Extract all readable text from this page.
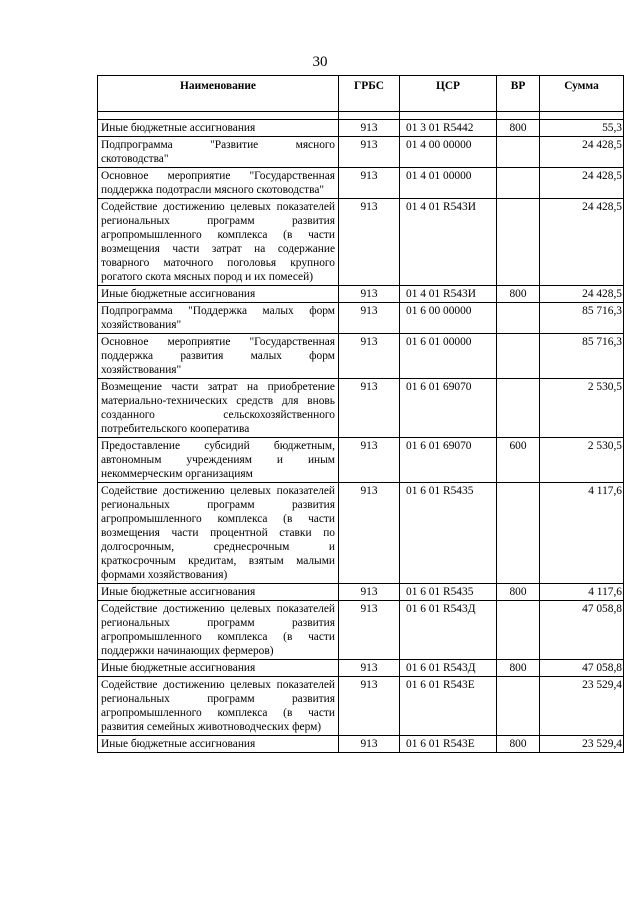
30
Наименование	ГРБС	ЦСР	ВР	Сумма

Иные бюджетные ассигнования	913	01 3 01 R5442	800	55,3
Подпрограмма "Развитие мясного скотоводства"	913	01 4 00 00000		24 428,5
Основное мероприятие "Государственная поддержка подотрасли мясного скотоводства"	913	01 4 01 00000		24 428,5
Содействие достижению целевых показателей региональных программ развития агропромышленного комплекса (в части возмещения части затрат на содержание товарного маточного поголовья крупного рогатого скота мясных пород и их помесей)	913	01 4 01 R543И		24 428,5
Иные бюджетные ассигнования	913	01 4 01 R543И	800	24 428,5
Подпрограмма "Поддержка малых форм хозяйствования"	913	01 6 00 00000		85 716,3
Основное мероприятие "Государственная поддержка развития малых форм хозяйствования"	913	01 6 01 00000		85 716,3
Возмещение части затрат на приобретение материально-технических средств для вновь созданного сельскохозяйственного потребительского кооператива	913	01 6 01 69070		2 530,5
Предоставление субсидий бюджетным, автономным учреждениям и иным некоммерческим организациям	913	01 6 01 69070	600	2 530,5
Содействие достижению целевых показателей региональных программ развития агропромышленного комплекса (в части возмещения части процентной ставки по долгосрочным, среднесрочным и краткосрочным кредитам, взятым малыми формами хозяйствования)	913	01 6 01 R5435		4 117,6
Иные бюджетные ассигнования	913	01 6 01 R5435	800	4 117,6
Содействие достижению целевых показателей региональных программ развития агропромышленного комплекса (в части поддержки начинающих фермеров)	913	01 6 01 R543Д		47 058,8
Иные бюджетные ассигнования	913	01 6 01 R543Д	800	47 058,8
Содействие достижению целевых показателей региональных программ развития агропромышленного комплекса (в части развития семейных животноводческих ферм)	913	01 6 01 R543Е		23 529,4
Иные бюджетные ассигнования	913	01 6 01 R543Е	800	23 529,4
